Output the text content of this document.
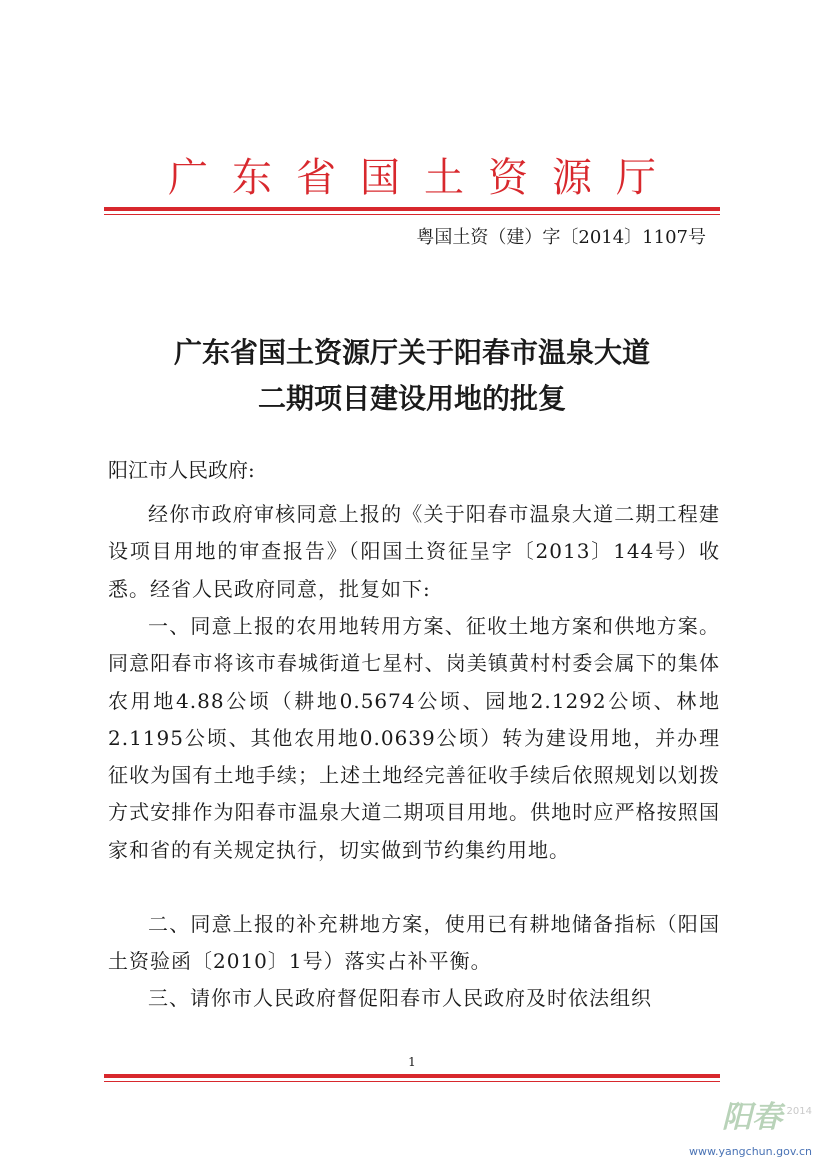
广东省国土资源厅
粤国土资（建）字〔2014〕1107号
广东省国土资源厅关于阳春市温泉大道
二期项目建设用地的批复
阳江市人民政府:

经你市政府审核同意上报的《关于阳春市温泉大道二期工程建设项目用地的审查报告》（阳国土资征呈字〔2013〕144号）收悉。经省人民政府同意，批复如下:

一、同意上报的农用地转用方案、征收土地方案和供地方案。同意阳春市将该市春城街道七星村、岗美镇黄村村委会属下的集体农用地4.88公顷（耕地0.5674公顷、园地2.1292公顷、林地2.1195公顷、其他农用地0.0639公顷）转为建设用地，并办理征收为国有土地手续；上述土地经完善征收手续后依照规划以划拨方式安排作为阳春市温泉大道二期项目用地。供地时应严格按照国家和省的有关规定执行，切实做到节约集约用地。

二、同意上报的补充耕地方案，使用已有耕地储备指标（阳国土资验函〔2010〕1号）落实占补平衡。

三、请你市人民政府督促阳春市人民政府及时依法组织

1
阳春 2014
www.yangchun.gov.cn
